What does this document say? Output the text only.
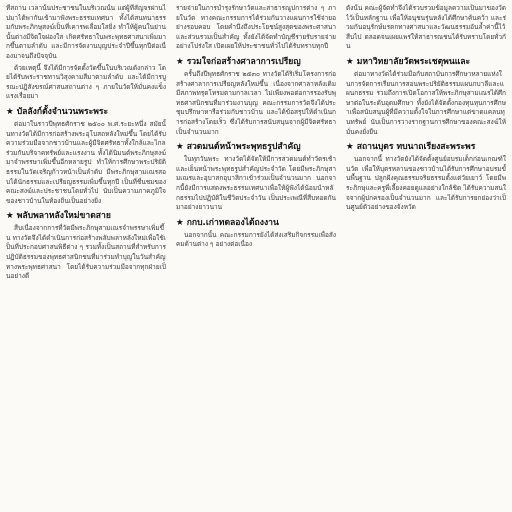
ที่สถาน เวลานั้นประชาชนในบริเวณนั้น แต่ผู้ที่สัญจรผ่านไปมาได้พากันเข้ามาฟังพระธรรมเทศนา ทั้งได้สนทนาธรรมกับพระภิกษุสงฆ์เป็นที่เคารพเลื่อมใสยิ่ง ทำให้ผู้คนในย่านนั้นต่างมีจิตใจผ่องใส เกิดศรัทธาในพระพุทธศาสนาเพิ่มมากขึ้นตามลำดับ และมีการจัดงานบุญประจำปีขึ้นทุกปีต่อเนื่องมาจนถึงปัจจุบัน

ด้วยเหตุนี้ จึงได้มีการจัดตั้งวัดขึ้นในบริเวณดังกล่าว โดยได้รับพระราชทานวิสุงคามสีมาตามลำดับ และได้มีการบูรณะปฏิสังขรณ์ศาสนสถานต่าง ๆ ภายในวัดให้มั่นคงแข็งแรงเรื่อยมา

★ บัลลังก์ตั้งจำนวนพระพระ

ต่อมาในราวปีพุทธศักราช ๒๕๐๐ พ.ศ.ระยะหนึ่ง สมัยนั้นทางวัดได้มีการก่อสร้างพระอุโบสถหลังใหม่ขึ้น โดยได้รับความร่วมมือจากชาวบ้านและผู้มีจิตศรัทธาทั้งใกล้และไกล ร่วมกันบริจาคทรัพย์และแรงงาน ทั้งได้นิมนต์พระภิกษุสงฆ์มาจำพรรษาเพิ่มขึ้นอีกหลายรูป ทำให้การศึกษาพระปริยัติธรรมในวัดเจริญก้าวหน้าเป็นลำดับ มีพระภิกษุสามเณรสอบได้นักธรรมและเปรียญธรรมเพิ่มขึ้นทุกปี เป็นที่ชื่นชมของคณะสงฆ์และประชาชนโดยทั่วไป นับเป็นความภาคภูมิใจของชาวบ้านในท้องถิ่นเป็นอย่างยิ่ง

★ พลับพลาหลังใหม่ขาดสาย

สืบเนื่องจากการที่วัดมีพระภิกษุสามเณรจำพรรษาเพิ่มขึ้น ทางวัดจึงได้ดำเนินการก่อสร้างพลับพลาหลังใหม่เพื่อใช้เป็นที่ประกอบศาสนพิธีต่าง ๆ รวมทั้งเป็นสถานที่สำหรับการปฏิบัติธรรมของพุทธศาสนิกชนที่มาร่วมทำบุญในวันสำคัญทางพระพุทธศาสนา โดยได้รับความร่วมมือจากทุกฝ่ายเป็นอย่างดี

รายจ่ายในการบำรุงรักษาวัดและสาธารณูปการต่าง ๆ ภายในวัด ทางคณะกรรมการได้ร่วมกันวางแผนการใช้จ่ายอย่างรอบคอบ โดยคำนึงถึงประโยชน์สูงสุดของพระศาสนาและส่วนรวมเป็นสำคัญ ทั้งยังได้จัดทำบัญชีรายรับรายจ่ายอย่างโปร่งใส เปิดเผยให้ประชาชนทั่วไปได้รับทราบทุกปี

★ รวมใจก่อสร้างศาลาการเปรียญ

ครั้นถึงปีพุทธศักราช ๒๕๓๐ ทางวัดได้ริเริ่มโครงการก่อสร้างศาลาการเปรียญหลังใหม่ขึ้น เนื่องจากศาลาหลังเดิมมีสภาพทรุดโทรมตามกาลเวลา ไม่เพียงพอต่อการรองรับพุทธศาสนิกชนที่มาร่วมงานบุญ คณะกรรมการวัดจึงได้ประชุมปรึกษาหารือร่วมกับชาวบ้าน และได้ข้อสรุปให้ดำเนินการก่อสร้างโดยเร็ว ซึ่งได้รับการสนับสนุนจากผู้มีจิตศรัทธาเป็นจำนวนมาก

★ สวดมนต์หน้าพระพุทธรูปสำคัญ

ในทุกวันพระ ทางวัดได้จัดให้มีการสวดมนต์ทำวัตรเช้าและเย็นหน้าพระพุทธรูปสำคัญประจำวัด โดยมีพระภิกษุสามเณรและอุบาสกอุบาสิกาเข้าร่วมเป็นจำนวนมาก นอกจากนี้ยังมีการแสดงพระธรรมเทศนาเพื่อให้ผู้ฟังได้น้อมนำหลักธรรมไปปฏิบัติในชีวิตประจำวัน เป็นประเพณีที่สืบทอดกันมาอย่างยาวนาน

★ กกบ.เก่าทดลองได้ถงงาน

นอกจากนั้น คณะกรรมการยังได้ส่งเสริมกิจกรรมเพื่อสังคมด้านต่าง ๆ อย่างต่อเนื่อง

ดังนั้น คณะผู้จัดทำจึงได้รวบรวมข้อมูลความเป็นมาของวัดไว้เป็นหลักฐาน เพื่อให้อนุชนรุ่นหลังได้ศึกษาค้นคว้า และร่วมกันอนุรักษ์มรดกทางศาสนาและวัฒนธรรมอันล้ำค่านี้ไว้สืบไป ตลอดจนเผยแพร่ให้สาธารณชนได้รับทราบโดยทั่วกัน

★ มหาวิทยาลัยวัดพระเชตุพนและ

ต่อมาทางวัดได้ร่วมมือกับสถาบันการศึกษาหลายแห่งในการจัดการเรียนการสอนพระปริยัติธรรมแผนกบาลีและแผนกธรรม รวมถึงการเปิดโอกาสให้พระภิกษุสามเณรได้ศึกษาต่อในระดับอุดมศึกษา ทั้งยังได้จัดตั้งกองทุนทุนการศึกษาเพื่อสนับสนุนผู้ที่มีความตั้งใจในการศึกษาแต่ขาดแคลนทุนทรัพย์ นับเป็นการวางรากฐานการศึกษาของคณะสงฆ์ให้มั่นคงยั่งยืน

★ สถานบุตร ทบนาถเรียงสะพระพร

นอกจากนี้ ทางวัดยังได้จัดตั้งศูนย์อบรมเด็กก่อนเกณฑ์ในวัด เพื่อให้บุตรหลานของชาวบ้านได้รับการศึกษาอบรมขั้นพื้นฐาน ปลูกฝังคุณธรรมจริยธรรมตั้งแต่วัยเยาว์ โดยมีพระภิกษุและครูพี่เลี้ยงคอยดูแลอย่างใกล้ชิด ได้รับความสนใจจากผู้ปกครองเป็นจำนวนมาก และได้รับการยกย่องว่าเป็นศูนย์ตัวอย่างของจังหวัด
